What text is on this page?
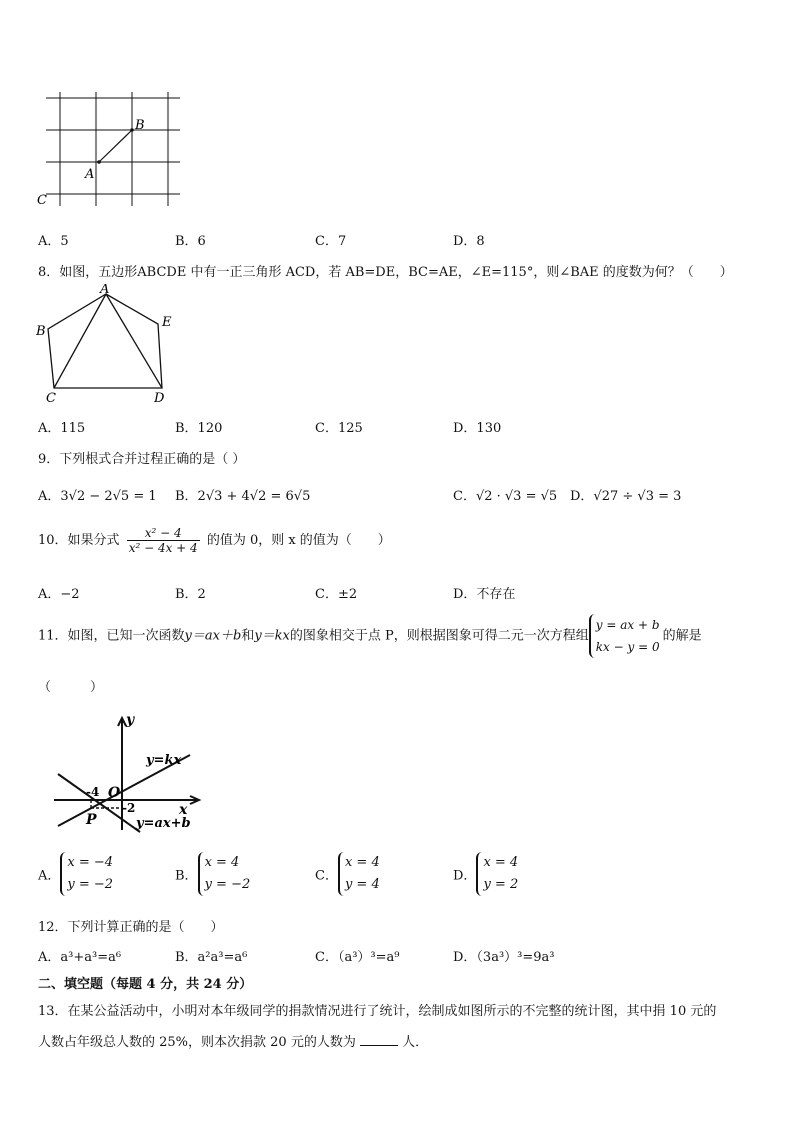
B
A
C
A．5	B．6	C．7	D．8
8．如图，五边形ABCDE 中有一正三角形 ACD，若 AB=DE，BC=AE，∠E=115°，则∠BAE 的度数为何？（　　）
A
B
E
C	D
A．115	B．120	C．125	D．130
9．下列根式合并过程正确的是（ ）
A．3√2 − 2√5 = 1 B．2√3 + 4√2 = 6√5	C．√2 · √3 = √5 D．√27 ÷ √3 = 3
10．如果分式 $\frac{\text{x² − 4}}{\text{x² − 4x + 4}}$ 的值为 0，则 x 的值为（　　）
A．−2	B．2	C．±2	D．不存在
11．如图，已知一次函数y＝ax＋b和y＝kx的图象相交于点 P，则根据图象可得二元一次方程组
y = ax + b
kx − y = 0
的解是
（　　　）
y
x
O
y=kx
y=ax+b
-4
-2
P
A．
x = −4
y = −2
B．
x = 4
y = −2
C．
x = 4
y = 4
D．
x = 4
y = 2
12．下列计算正确的是（　　）
A．a³+a³=a⁶	B．a²a³=a⁶	C．（a³）³=a⁹	D．（3a³）³=9a³
二、填空题（每题 4 分，共 24 分）
13．在某公益活动中，小明对本年级同学的捐款情况进行了统计，绘制成如图所示的不完整的统计图，其中捐 10 元的
人数占年级总人数的 25%，则本次捐款 20 元的人数为	人．
